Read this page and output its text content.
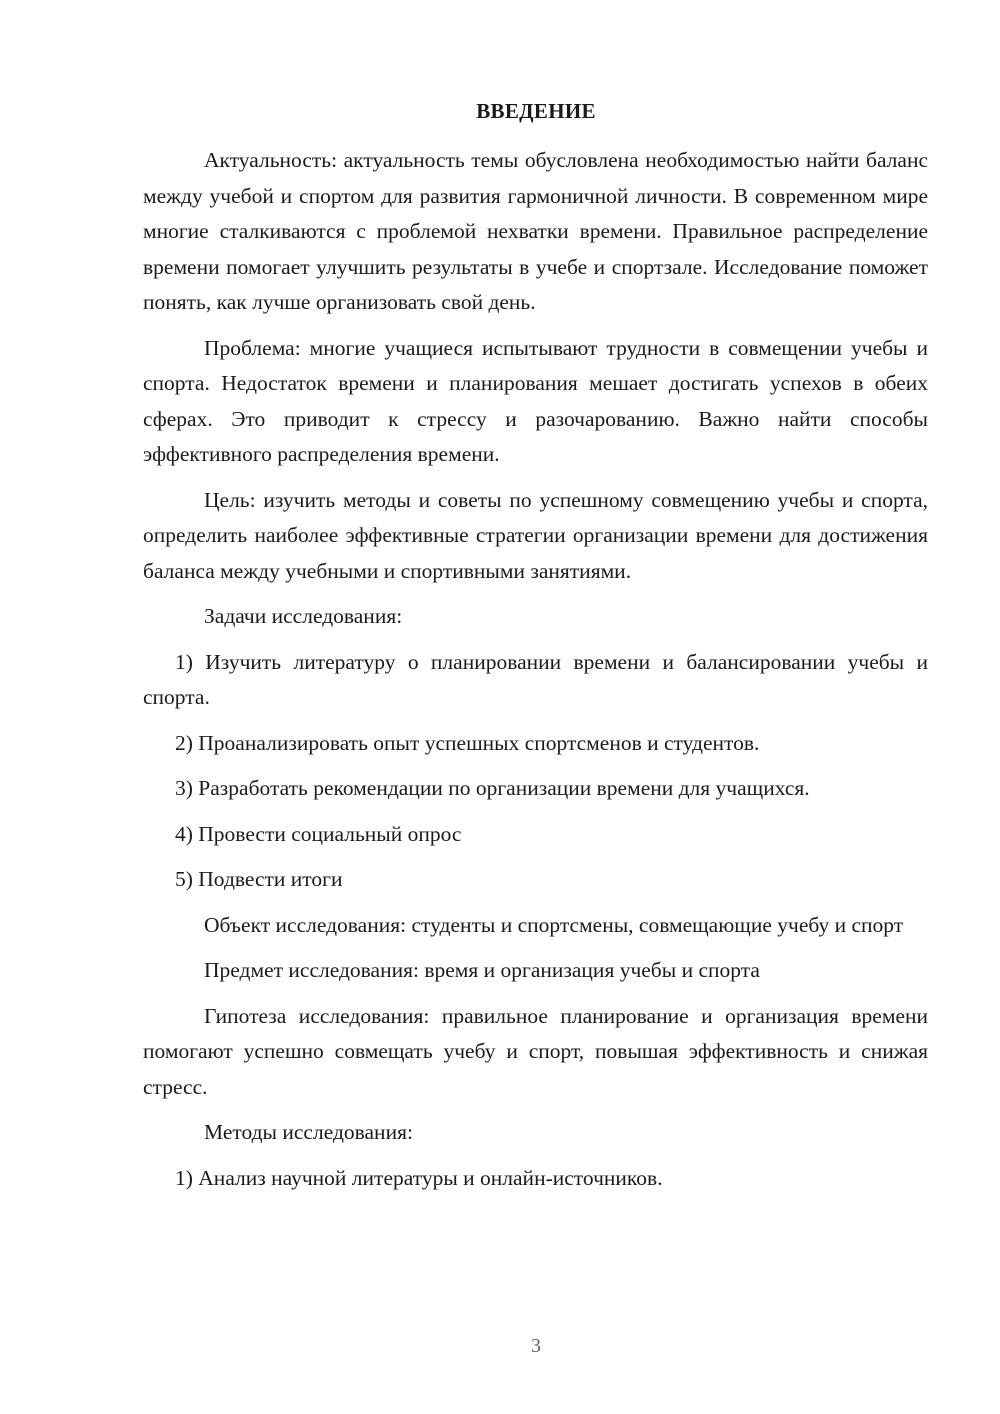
ВВЕДЕНИЕ

Актуальность: актуальность темы обусловлена необходимостью найти баланс между учебой и спортом для развития гармоничной личности. В современном мире многие сталкиваются с проблемой нехватки времени. Правильное распределение времени помогает улучшить результаты в учебе и спортзале. Исследование поможет понять, как лучше организовать свой день.

Проблема: многие учащиеся испытывают трудности в совмещении учебы и спорта. Недостаток времени и планирования мешает достигать успехов в обеих сферах. Это приводит к стрессу и разочарованию. Важно найти способы эффективного распределения времени.

Цель: изучить методы и советы по успешному совмещению учебы и спорта, определить наиболее эффективные стратегии организации времени для достижения баланса между учебными и спортивными занятиями.

Задачи исследования:

1) Изучить литературу о планировании времени и балансировании учебы и спорта.

2) Проанализировать опыт успешных спортсменов и студентов.

3) Разработать рекомендации по организации времени для учащихся.

4) Провести социальный опрос

5) Подвести итоги

Объект исследования: студенты и спортсмены, совмещающие учебу и спорт

Предмет исследования: время и организация учебы и спорта

Гипотеза исследования: правильное планирование и организация времени помогают успешно совмещать учебу и спорт, повышая эффективность и снижая стресс.

Методы исследования:

1) Анализ научной литературы и онлайн-источников.

3
